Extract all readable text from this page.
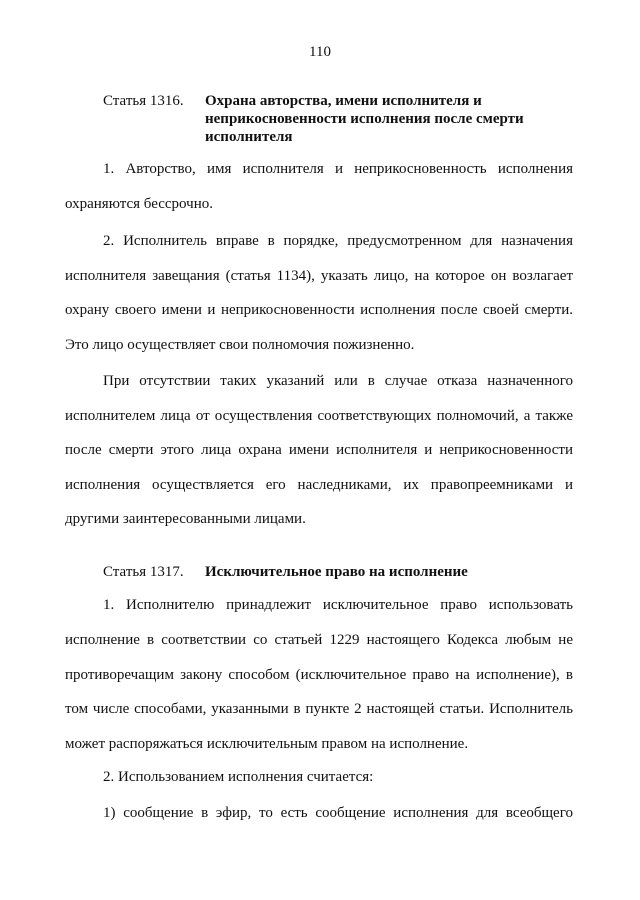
110
Статья 1316. Охрана авторства, имени исполнителя и неприкосновенности исполнения после смерти исполнителя

1. Авторство, имя исполнителя и неприкосновенность исполнения охраняются бессрочно.

2. Исполнитель вправе в порядке, предусмотренном для назначения исполнителя завещания (статья 1134), указать лицо, на которое он возлагает охрану своего имени и неприкосновенности исполнения после своей смерти. Это лицо осуществляет свои полномочия пожизненно.

При отсутствии таких указаний или в случае отказа назначенного исполнителем лица от осуществления соответствующих полномочий, а также после смерти этого лица охрана имени исполнителя и неприкосновенности исполнения осуществляется его наследниками, их правопреемниками и другими заинтересованными лицами.

Статья 1317. Исключительное право на исполнение

1. Исполнителю принадлежит исключительное право использовать исполнение в соответствии со статьей 1229 настоящего Кодекса любым не противоречащим закону способом (исключительное право на исполнение), в том числе способами, указанными в пункте 2 настоящей статьи. Исполнитель может распоряжаться исключительным правом на исполнение.

2. Использованием исполнения считается:

1) сообщение в эфир, то есть сообщение исполнения для всеобщего
